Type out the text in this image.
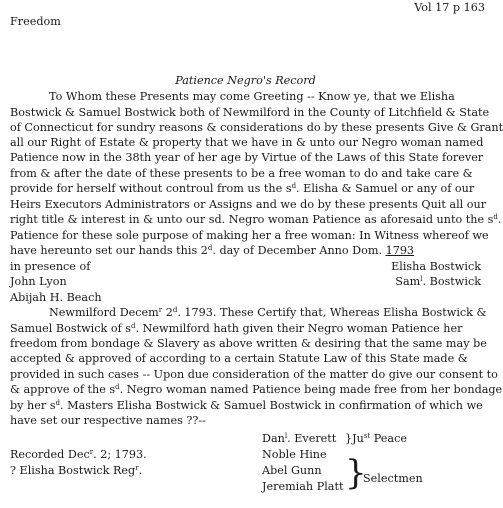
Freedom
Vol 17 p 163
Patience Negro's Record
To Whom these Presents may come Greeting -- Know ye, that we Elisha
Bostwick & Samuel Bostwick both of Newmilford in the County of Litchfield & State
of Connecticut for sundry reasons & considerations do by these presents Give & Grant
all our Right of Estate & property that we have in & unto our Negro woman named
Patience now in the 38th year of her age by Virtue of the Laws of this State forever
from & after the date of these presents to be a free woman to do and take care &
provide for herself without controul from us the $s^d$. Elisha & Samuel or any of our
Heirs Executors Administrators or Assigns and we do by these presents Quit all our
right title & interest in & unto our sd. Negro woman Patience as aforesaid unto the $s^d$.
Patience for these sole purpose of making her a free woman: In Witness whereof we
have hereunto set our hands this 2$^d$. day of December Anno Dom. 1793
in presence of
John Lyon
Abijah H. Beach
Elisha Bostwick
Sam$^l$. Bostwick
Newmilford Decem$^r$ 2$^d$. 1793. These Certify that, Whereas Elisha Bostwick &
Samuel Bostwick of $s^d$. Newmilford hath given their Negro woman Patience her
freedom from bondage & Slavery as above written & desiring that the same may be
accepted & approved of according to a certain Statute Law of this State made &
provided in such cases -- Upon due consideration of the matter do give our consent to
& approve of the $s^d$. Negro woman named Patience being made free from her bondage
by her $s^d$. Masters Elisha Bostwick & Samuel Bostwick in confirmation of which we
have set our respective names ??--
Dan$^l$. Everett }$Ju^{st}$ Peace
Noble Hine
Abel Gunn
Jeremiah Platt }
Selectmen
Recorded Dec$^r$. 2; 1793.
? Elisha Bostwick Reg$^r$.
